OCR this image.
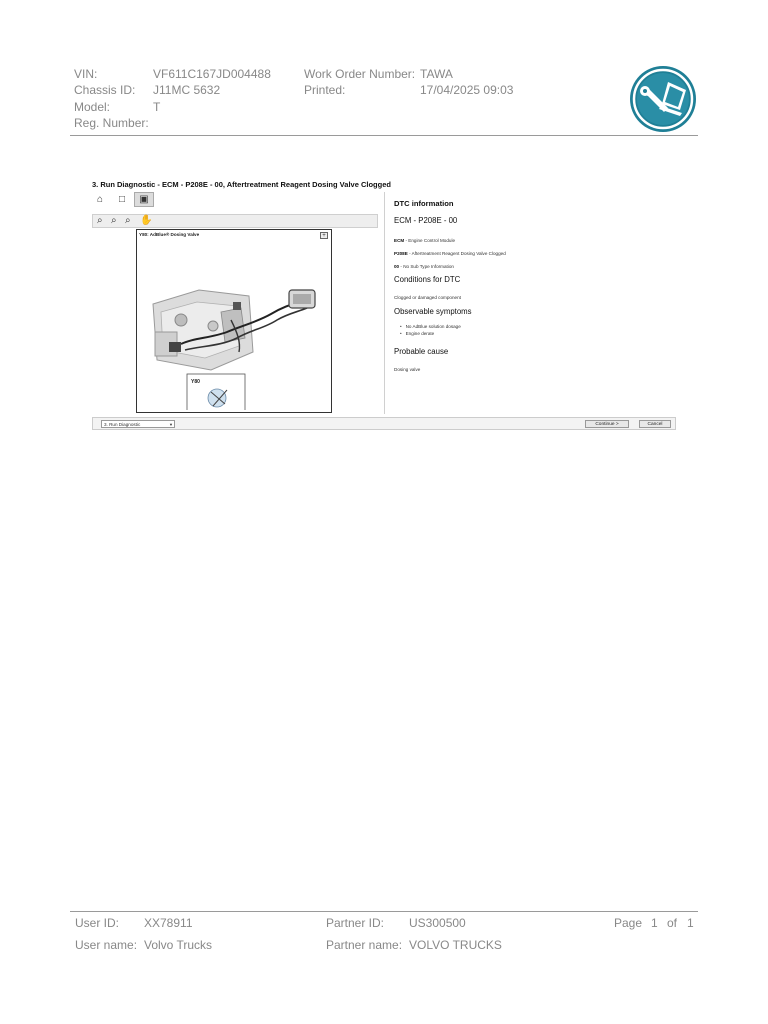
VIN:	VF611C167JD004488	Work Order Number: TAWA
Chassis ID:	J11MC 5632	Printed:	17/04/2025 09:03
Model:	T
Reg. Number:
3. Run Diagnostic - ECM - P208E - 00, Aftertreatment Reagent Dosing Valve Clogged
⌂	□	▣
⌕ ⌕ ⌕ ✋
Y80: AdBlue® Dosing Valve	+
Y80
DTC information
ECM - P208E - 00
ECM - Engine Control Module
P208E - Aftertreatment Reagent Dosing Valve Clogged
00 - No Sub Type Information
Conditions for DTC
Clogged or damaged component
Observable symptoms
• No AdBlue solution dosage
• Engine derate
Probable cause
Dosing valve
3. Run Diagnostic	▼	Continue >	Cancel
User ID: XX78911	Partner ID: US300500	Page 1 of 1
User name: Volvo Trucks	Partner name: VOLVO TRUCKS
